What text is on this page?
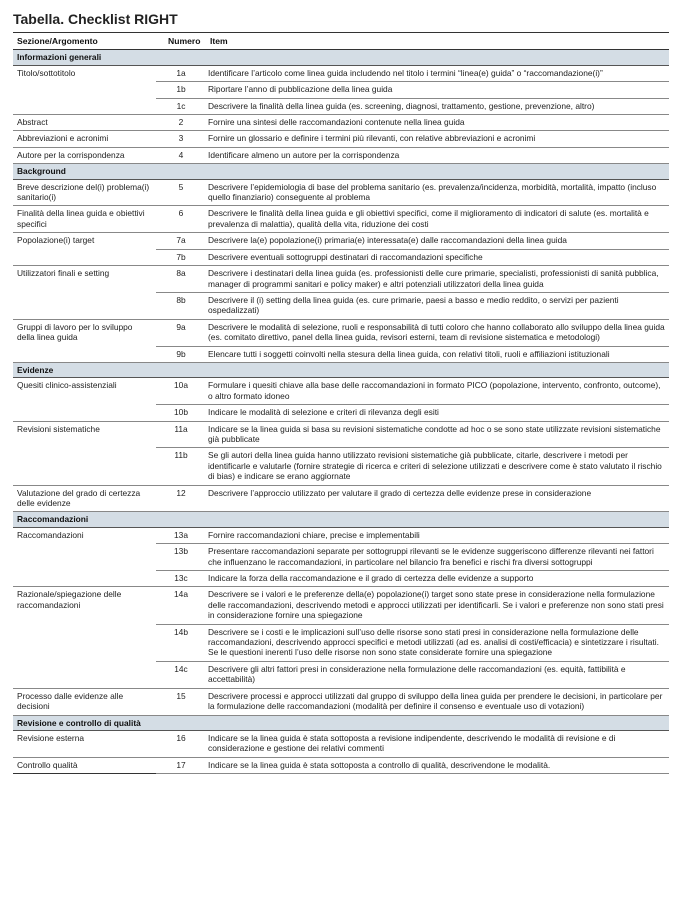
Tabella. Checklist RIGHT
Sezione/Argomento	Numero	Item
Informazioni generali		
Titolo/sottotitolo	1a	Identificare l’articolo come linea guida includendo nel titolo i termini “linea(e) guida” o “raccomandazione(i)”
	1b	Riportare l’anno di pubblicazione della linea guida
	1c	Descrivere la finalità della linea guida (es. screening, diagnosi, trattamento, gestione, prevenzione, altro)
Abstract	2	Fornire una sintesi delle raccomandazioni contenute nella linea guida
Abbreviazioni e acronimi	3	Fornire un glossario e definire i termini più rilevanti, con relative abbreviazioni e acronimi
Autore per la corrispondenza	4	Identificare almeno un autore per la corrispondenza
Background		
Breve descrizione del(i) problema(i) sanitario(i)	5	Descrivere l’epidemiologia di base del problema sanitario (es. prevalenza/incidenza, morbidità, mortalità, impatto (incluso quello finanziario) conseguente al problema
Finalità della linea guida e obiettivi specifici	6	Descrivere le finalità della linea guida e gli obiettivi specifici, come il miglioramento di indicatori di salute (es. mortalità e prevalenza di malattia), qualità della vita, riduzione dei costi
Popolazione(i) target	7a	Descrivere la(e) popolazione(i) primaria(e) interessata(e) dalle raccomandazioni della linea guida
	7b	Descrivere eventuali sottogruppi destinatari di raccomandazioni specifiche
Utilizzatori finali e setting	8a	Descrivere i destinatari della linea guida (es. professionisti delle cure primarie, specialisti, professionisti di sanità pubblica, manager di programmi sanitari e policy maker) e altri potenziali utilizzatori della linea guida
	8b	Descrivere il (i) setting della linea guida (es. cure primarie, paesi a basso e medio reddito, o servizi per pazienti ospedalizzati)
Gruppi di lavoro per lo sviluppo della linea guida	9a	Descrivere le modalità di selezione, ruoli e responsabilità di tutti coloro che hanno collaborato allo sviluppo della linea guida (es. comitato direttivo, panel della linea guida, revisori esterni, team di revisione sistematica e metodologi)
	9b	Elencare tutti i soggetti coinvolti nella stesura della linea guida, con relativi titoli, ruoli e affiliazioni istituzionali
Evidenze		
Quesiti clinico-assistenziali	10a	Formulare i quesiti chiave alla base delle raccomandazioni in formato PICO (popolazione, intervento, confronto, outcome), o altro formato idoneo
	10b	Indicare le modalità di selezione e criteri di rilevanza degli esiti
Revisioni sistematiche	11a	Indicare se la linea guida si basa su revisioni sistematiche condotte ad hoc o se sono state utilizzate revisioni sistematiche già pubblicate
	11b	Se gli autori della linea guida hanno utilizzato revisioni sistematiche già pubblicate, citarle, descrivere i metodi per identificarle e valutarle (fornire strategie di ricerca e criteri di selezione utilizzati e descrivere come è stato valutato il rischio di bias) e indicare se erano aggiornate
Valutazione del grado di certezza delle evidenze	12	Descrivere l’approccio utilizzato per valutare il grado di certezza delle evidenze prese in considerazione
Raccomandazioni		
Raccomandazioni	13a	Fornire raccomandazioni chiare, precise e implementabili
	13b	Presentare raccomandazioni separate per sottogruppi rilevanti se le evidenze suggeriscono differenze rilevanti nei fattori che influenzano le raccomandazioni, in particolare nel bilancio fra benefici e rischi fra diversi sottogruppi
	13c	Indicare la forza della raccomandazione e il grado di certezza delle evidenze a supporto
Razionale/spiegazione delle raccomandazioni	14a	Descrivere se i valori e le preferenze della(e) popolazione(i) target sono state prese in considerazione nella formulazione delle raccomandazioni, descrivendo metodi e approcci utilizzati per identificarli. Se i valori e preferenze non sono stati presi in considerazione fornire una spiegazione
	14b	Descrivere se i costi e le implicazioni sull’uso delle risorse sono stati presi in considerazione nella formulazione delle raccomandazioni, descrivendo approcci specifici e metodi utilizzati (ad es. analisi di costi/efficacia) e sintetizzare i risultati. Se le questioni inerenti l’uso delle risorse non sono state considerate fornire una spiegazione
	14c	Descrivere gli altri fattori presi in considerazione nella formulazione delle raccomandazioni (es. equità, fattibilità e accettabilità)
Processo dalle evidenze alle decisioni	15	Descrivere processi e approcci utilizzati dal gruppo di sviluppo della linea guida per prendere le decisioni, in particolare per la formulazione delle raccomandazioni (modalità per definire il consenso e eventuale uso di votazioni)
Revisione e controllo di qualità		
Revisione esterna	16	Indicare se la linea guida è stata sottoposta a revisione indipendente, descrivendo le modalità di revisione e di considerazione e gestione dei relativi commenti
Controllo qualità	17	Indicare se la linea guida è stata sottoposta a controllo di qualità, descrivendone le modalità.
